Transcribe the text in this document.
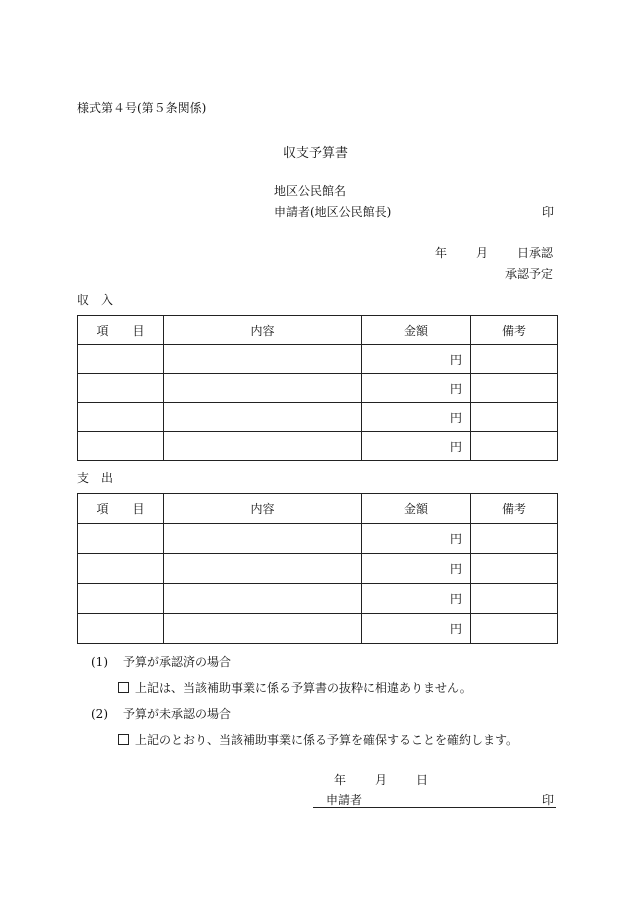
様式第４号(第５条関係)
収支予算書
地区公民館名
申請者(地区公民館長)	印
年 月 日承認
承認予定
収　入
項　　目	内容	金額	備考
		円	
		円	
		円	
		円	
支　出
項　　目	内容	金額	備考
		円	
		円	
		円	
		円	
(1) 予算が承認済の場合
上記は、当該補助事業に係る予算書の抜粋に相違ありません。
(2) 予算が未承認の場合
上記のとおり、当該補助事業に係る予算を確保することを確約します。
年 月 日
申請者	印
